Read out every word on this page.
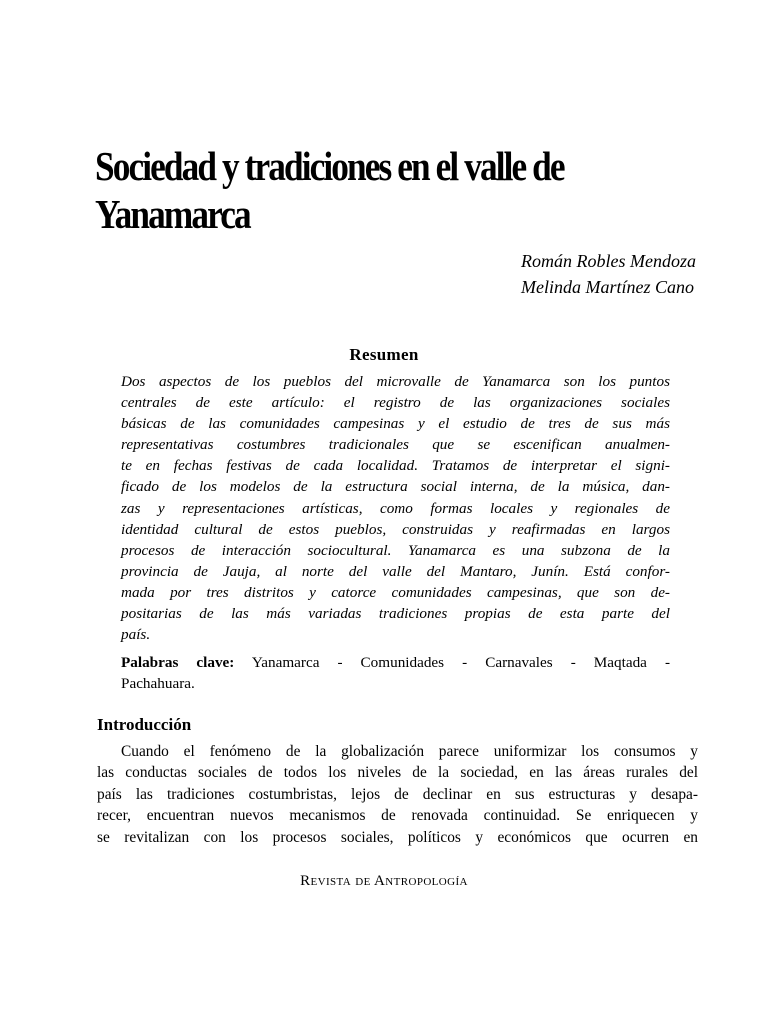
Sociedad y tradiciones en el valle de
Yanamarca
Román Robles Mendoza
Melinda Martínez Cano
Resumen
Dos aspectos de los pueblos del microvalle de Yanamarca son los puntos
centrales de este artículo: el registro de las organizaciones sociales
básicas de las comunidades campesinas y el estudio de tres de sus más
representativas costumbres tradicionales que se escenifican anualmen-
te en fechas festivas de cada localidad. Tratamos de interpretar el signi-
ficado de los modelos de la estructura social interna, de la música, dan-
zas y representaciones artísticas, como formas locales y regionales de
identidad cultural de estos pueblos, construidas y reafirmadas en largos
procesos de interacción sociocultural. Yanamarca es una subzona de la
provincia de Jauja, al norte del valle del Mantaro, Junín. Está confor-
mada por tres distritos y catorce comunidades campesinas, que son de-
positarias de las más variadas tradiciones propias de esta parte del
país.
Palabras clave: Yanamarca - Comunidades - Carnavales - Maqtada -
Pachahuara.
Introducción
Cuando el fenómeno de la globalización parece uniformizar los consumos y
las conductas sociales de todos los niveles de la sociedad, en las áreas rurales del
país las tradiciones costumbristas, lejos de declinar en sus estructuras y desapa-
recer, encuentran nuevos mecanismos de renovada continuidad. Se enriquecen y
se revitalizan con los procesos sociales, políticos y económicos que ocurren en
Revista de Antropología
